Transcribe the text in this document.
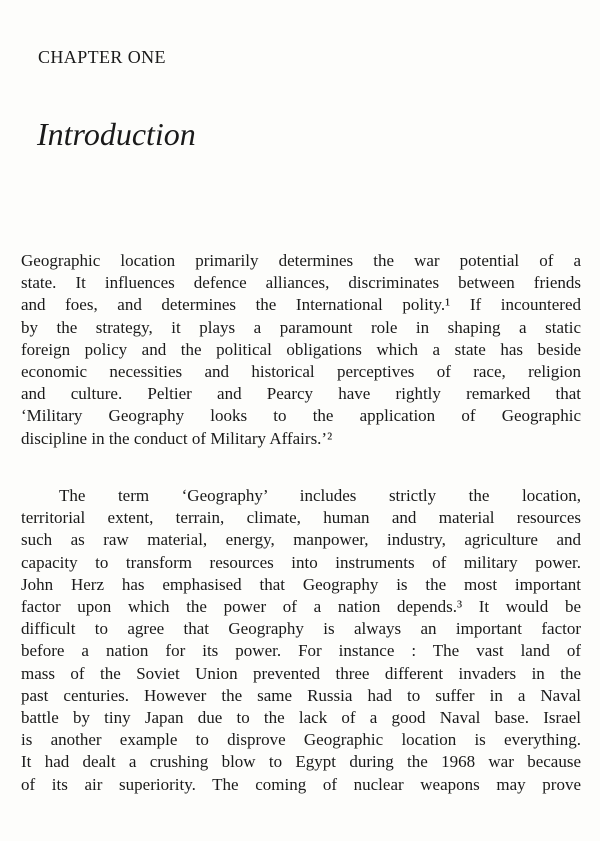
CHAPTER ONE
Introduction
Geographic location primarily determines the war potential of a
state. It influences defence alliances, discriminates between friends
and foes, and determines the International polity.¹ If incountered
by the strategy, it plays a paramount role in shaping a static
foreign policy and the political obligations which a state has beside
economic necessities and historical perceptives of race, religion
and culture. Peltier and Pearcy have rightly remarked that
‘Military Geography looks to the application of Geographic
discipline in the conduct of Military Affairs.’²
The term ‘Geography’ includes strictly the location,
territorial extent, terrain, climate, human and material resources
such as raw material, energy, manpower, industry, agriculture and
capacity to transform resources into instruments of military power.
John Herz has emphasised that Geography is the most important
factor upon which the power of a nation depends.³ It would be
difficult to agree that Geography is always an important factor
before a nation for its power. For instance : The vast land of
mass of the Soviet Union prevented three different invaders in the
past centuries. However the same Russia had to suffer in a Naval
battle by tiny Japan due to the lack of a good Naval base. Israel
is another example to disprove Geographic location is everything.
It had dealt a crushing blow to Egypt during the 1968 war because
of its air superiority. The coming of nuclear weapons may prove
